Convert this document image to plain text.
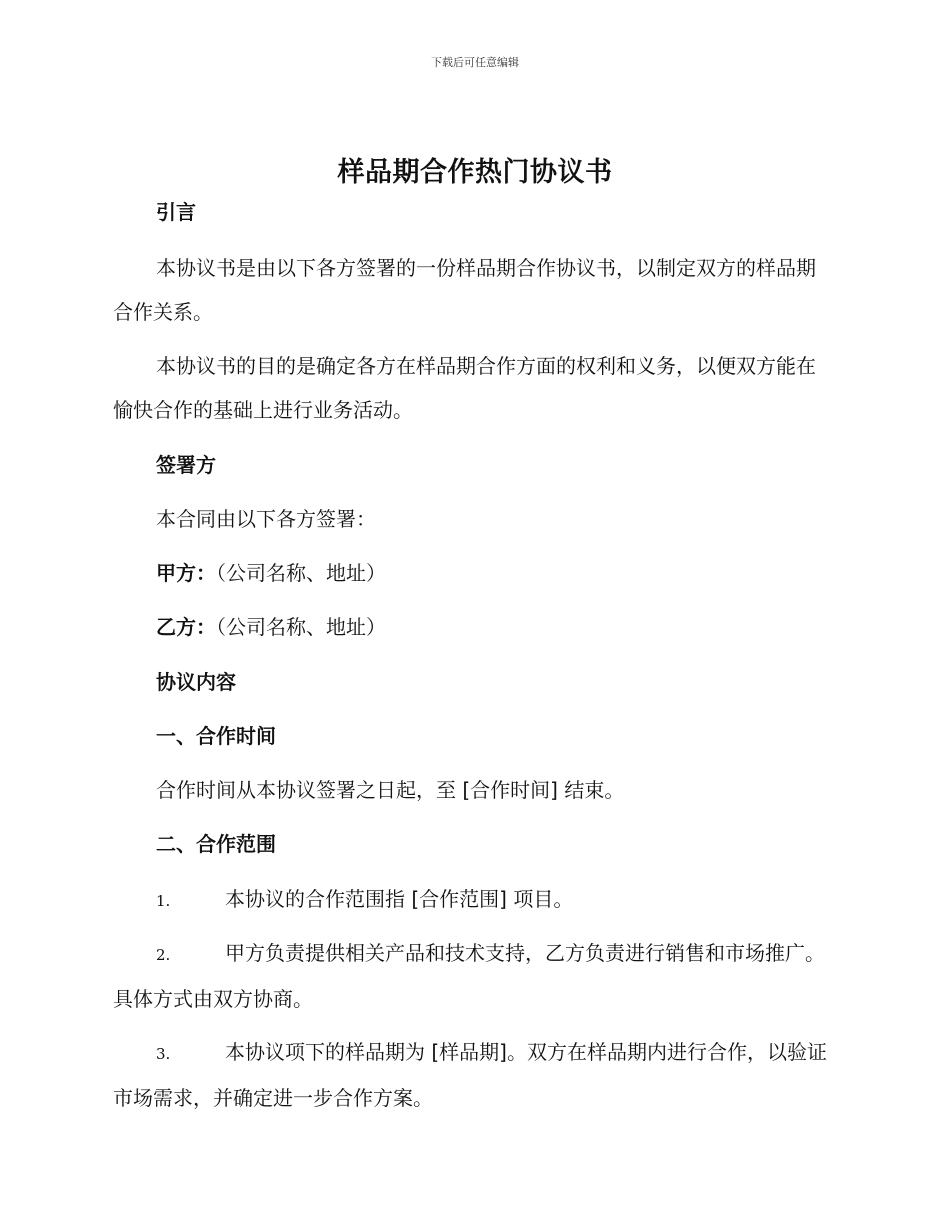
下载后可任意编辑
样品期合作热门协议书
引言
本协议书是由以下各方签署的一份样品期合作协议书，以制定双方的样品期合作关系。
本协议书的目的是确定各方在样品期合作方面的权利和义务，以便双方能在愉快合作的基础上进行业务活动。
签署方
本合同由以下各方签署：
甲方：（公司名称、地址）
乙方：（公司名称、地址）
协议内容
一、合作时间
合作时间从本协议签署之日起，至 [合作时间] 结束。
二、合作范围
1.	本协议的合作范围指 [合作范围] 项目。
2.	甲方负责提供相关产品和技术支持，乙方负责进行销售和市场推广。具体方式由双方协商。
3.	本协议项下的样品期为 [样品期]。双方在样品期内进行合作，以验证市场需求，并确定进一步合作方案。
